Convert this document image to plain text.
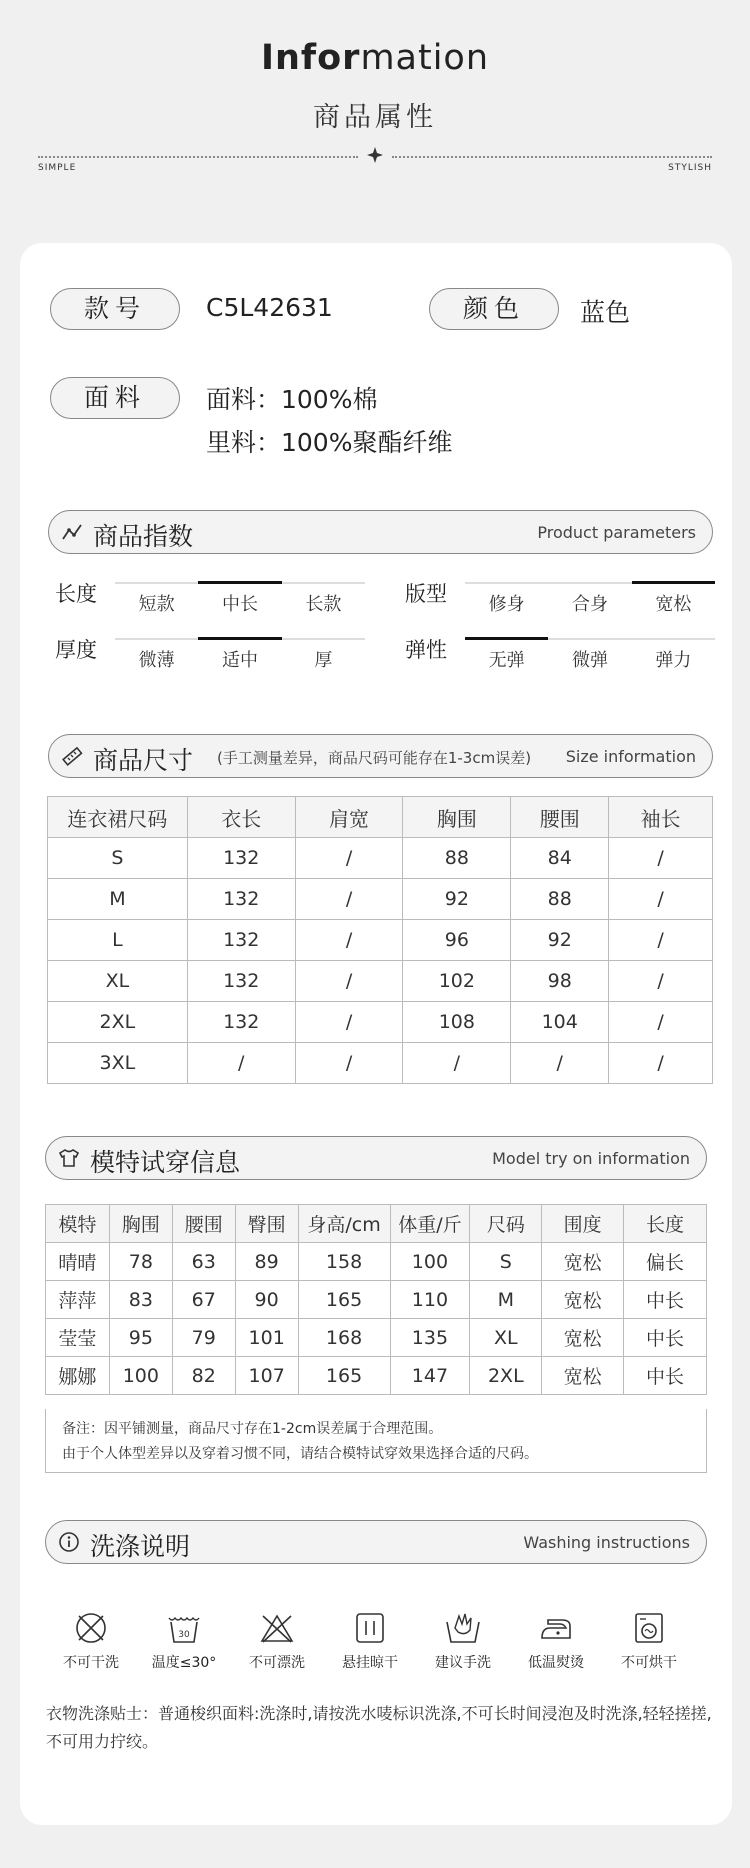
Information
商品属性
SIMPLE	STYLISH
款号	C5L42631	颜色	蓝色
面料	面料：100%棉
里料：100%聚酯纤维
商品指数	Product parameters
长度	短款	中长	长款	版型	修身	合身	宽松
厚度	微薄	适中	厚	弹性	无弹	微弹	弹力
商品尺寸 (手工测量差异，商品尺码可能存在1-3cm误差) Size information
连衣裙尺码	衣长	肩宽	胸围	腰围	袖长
S	132	/	88	84	/
M	132	/	92	88	/
L	132	/	96	92	/
XL	132	/	102	98	/
2XL	132	/	108	104	/
3XL	/	/	/	/	/
模特试穿信息	Model try on information
模特	胸围	腰围	臀围	身高/cm	体重/斤	尺码	围度	长度
晴晴	78	63	89	158	100	S	宽松	偏长
萍萍	83	67	90	165	110	M	宽松	中长
莹莹	95	79	101	168	135	XL	宽松	中长
娜娜	100	82	107	165	147	2XL	宽松	中长
备注：因平铺测量，商品尺寸存在1-2cm误差属于合理范围。
由于个人体型差异以及穿着习惯不同，请结合模特试穿效果选择合适的尺码。
洗涤说明	Washing instructions
不可干洗
30
温度≤30°	不可漂洗	悬挂晾干	建议手洗	低温熨烫	不可烘干
衣物洗涤贴士：普通梭织面料:洗涤时,请按洗水唛标识洗涤,不可长时间浸泡及时洗涤,轻轻搓搓,不可用力拧绞。
